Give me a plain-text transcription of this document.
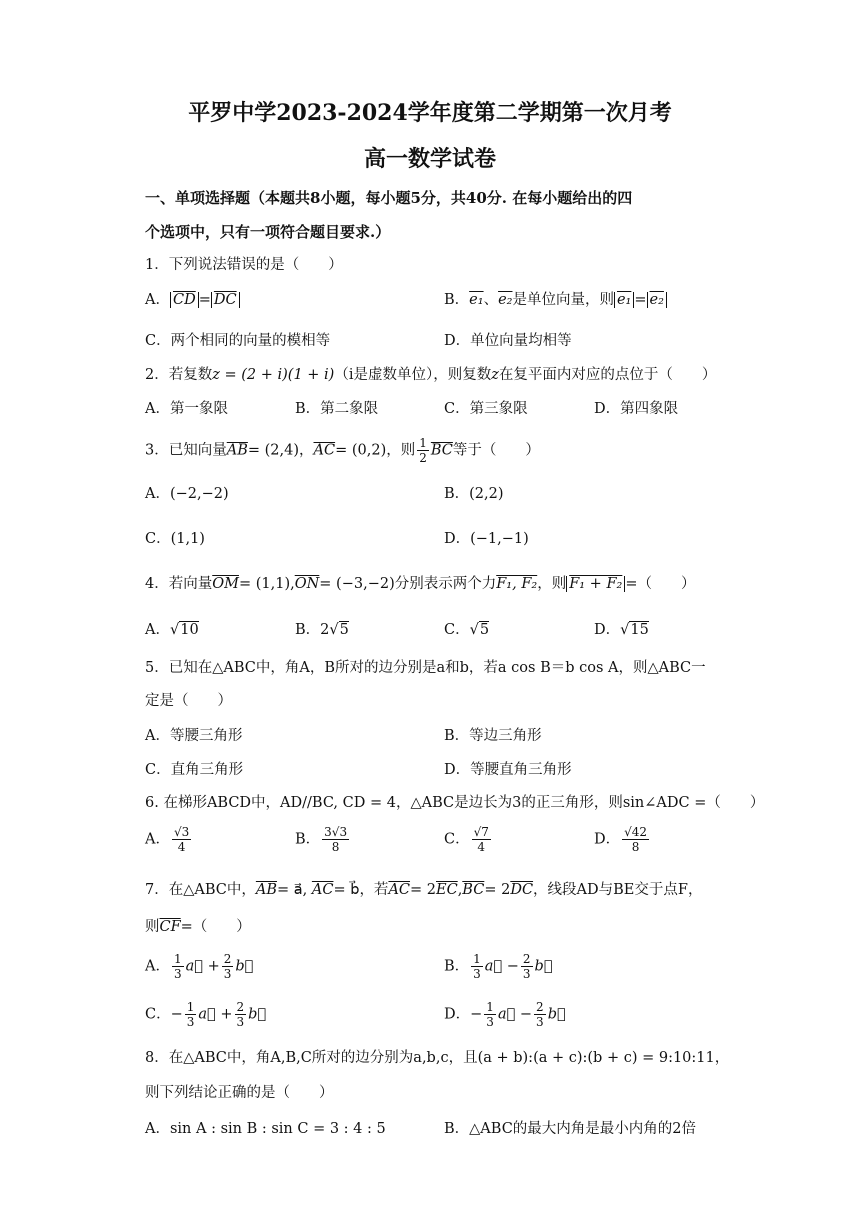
平罗中学2023-2024学年度第二学期第一次月考
高一数学试卷
一、单项选择题（本题共8小题，每小题5分，共40分. 在每小题给出的四
个选项中，只有一项符合题目要求.）
1．下列说法错误的是（　　）
A． $\overline{CD} = \overline{DC}$	B．e₁、e₂是单位向量，则 e₁ = e₂
C．两个相同的向量的模相等	D．单位向量均相等
2．若复数z = (2 + i)(1 + i)（i是虚数单位），则复数z在复平面内对应的点位于（　　）
A．第一象限	B．第二象限	C．第三象限	D．第四象限
3．已知向量$\overline{AB}= (2,4)$，$\overline{AC}= (0,2)$，则 $\frac{1}{2} \overline{BC}$等于（　　）
A．(−2,−2)	B．(2,2)
C．(1,1)	D．(−1,−1)
4．若向量$\overline{OM}= (1,1),\overline{ON}= (-3,-2)$分别表示两个力F₁, F₂，则 F₁ + F₂ =（　　）
A．√10	B．2√5	C．√5	D．√15
5．已知在△ABC中，角A，B所对的边分别是a和b，若a cos B＝b cos A，则△ABC一
定是（　　）
A．等腰三角形	B．等边三角形
C．直角三角形	D．等腰直角三角形
6. 在梯形ABCD中，AD//BC, CD = 4，△ABC是边长为3的正三角形，则sin∠ADC =（　　）
A． $\frac{√3}{4}$	B． $\frac{3√3}{8}$	C． $\frac{√7}{4}$	D． $\frac{√42}{8}$
7．在△ABC中，$\overline{AB}=$ a⃗, $\overline{AC}=$ b⃗，若$\overline{AC}= 2\overline{EC},\overline{BC}= 2\overline{DC}$，线段AD与BE交于点F，
则$\overline{CF}=$（　　）
A． $\frac{1}{3}$ a⃗ + $\frac{2}{3}$ b⃗	B． $\frac{1}{3}$ a⃗ − $\frac{2}{3}$ b⃗
C．− $\frac{1}{3}$ a⃗ + $\frac{2}{3}$ b⃗	D．− $\frac{1}{3}$ a⃗ − $\frac{2}{3}$ b⃗
8．在△ABC中，角A,B,C所对的边分别为a,b,c，且(a + b):(a + c):(b + c) = 9:10:11，
则下列结论正确的是（　　）
A．sin A : sin B : sin C = 3 : 4 : 5	B．△ABC的最大内角是最小内角的2倍
